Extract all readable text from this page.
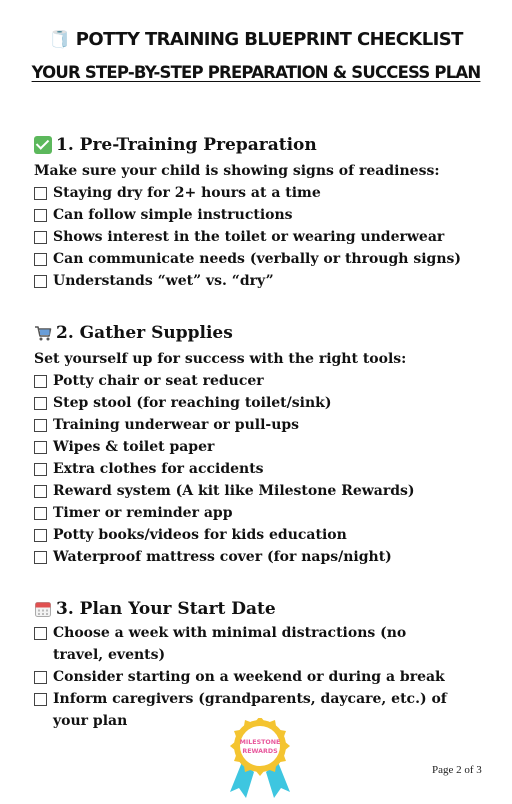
🧻 POTTY TRAINING BLUEPRINT CHECKLIST
YOUR STEP-BY-STEP PREPARATION & SUCCESS PLAN
1. Pre-Training Preparation
Make sure your child is showing signs of readiness:
Staying dry for 2+ hours at a time
Can follow simple instructions
Shows interest in the toilet or wearing underwear
Can communicate needs (verbally or through signs)
Understands “wet” vs. “dry”
2. Gather Supplies
Set yourself up for success with the right tools:
Potty chair or seat reducer
Step stool (for reaching toilet/sink)
Training underwear or pull-ups
Wipes & toilet paper
Extra clothes for accidents
Reward system (A kit like Milestone Rewards)
Timer or reminder app
Potty books/videos for kids education
Waterproof mattress cover (for naps/night)
3. Plan Your Start Date
Choose a week with minimal distractions (no travel, events)
Consider starting on a weekend or during a break
Inform caregivers (grandparents, daycare, etc.) of your plan
MILESTONE
REWARDS
Page 2 of 3
